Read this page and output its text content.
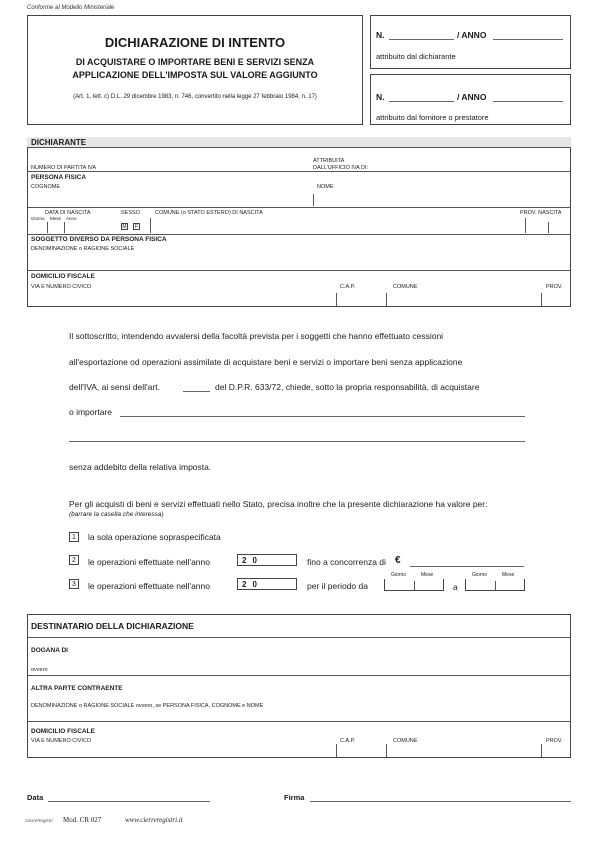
Conforme al Modello Ministeriale
DICHIARAZIONE DI INTENTO
DI ACQUISTARE O IMPORTARE BENI E SERVIZI SENZA
APPLICAZIONE DELL'IMPOSTA SUL VALORE AGGIUNTO
(Art. 1, lett. c) D.L. 29 dicembre 1983, n. 746, convertito nella legge 27 febbraio 1984, n. 17)
N.	/ ANNO
attribuito dal dichiarante
N.	/ ANNO
attribuito dal fornitore o prestatore
DICHIARANTE
NUMERO DI PARTITA IVA
ATTRIBUITA
DALL'UFFICIO IVA DI:
PERSONA FISICA
COGNOME	NOME
DATA DI NASCITA
Giorno Mese Anno
SESSO
M	F
COMUNE (o STATO ESTERO) DI NASCITA	PROV. NASCITA
SOGGETTO DIVERSO DA PERSONA FISICA
DENOMINAZIONE o RAGIONE SOCIALE
DOMICILIO FISCALE
VIA E NUMERO CIVICO	C.A.P.	COMUNE	PROV.
Il sottoscritto, intendendo avvalersi della facoltà prevista per i soggetti che hanno effettuato cessioni
all'esportazione od operazioni assimilate di acquistare beni e servizi o importare beni senza applicazione
dell'IVA, ai sensi dell'art.	del D.P.R. 633/72, chiede, sotto la propria responsabilità, di acquistare
o importare
senza addebito della relativa imposta.
Per gli acquisti di beni e servizi effettuati nello Stato, precisa inoltre che la presente dichiarazione ha valore per:
(barrare la casella che interessa)
1	la sola operazione sopraspecificata
2	le operazioni effettuate nell'anno	20	fino a concorrenza di €
Giorno	Mese	Giorno	Mese
3	le operazioni effettuate nell'anno	20	per il periodo da	a
DESTINATARIO DELLA DICHIARAZIONE
DOGANA DI
ovvero
ALTRA PARTE CONTRAENTE
DENOMINAZIONE o RAGIONE SOCIALE ovvero, se PERSONA FISICA, COGNOME e NOME
DOMICILIO FISCALE
VIA E NUMERO CIVICO	C.A.P.	COMUNE	PROV.
Data	Firma
CierreRegistri Mod. CR 027	www.cierreregistri.it
